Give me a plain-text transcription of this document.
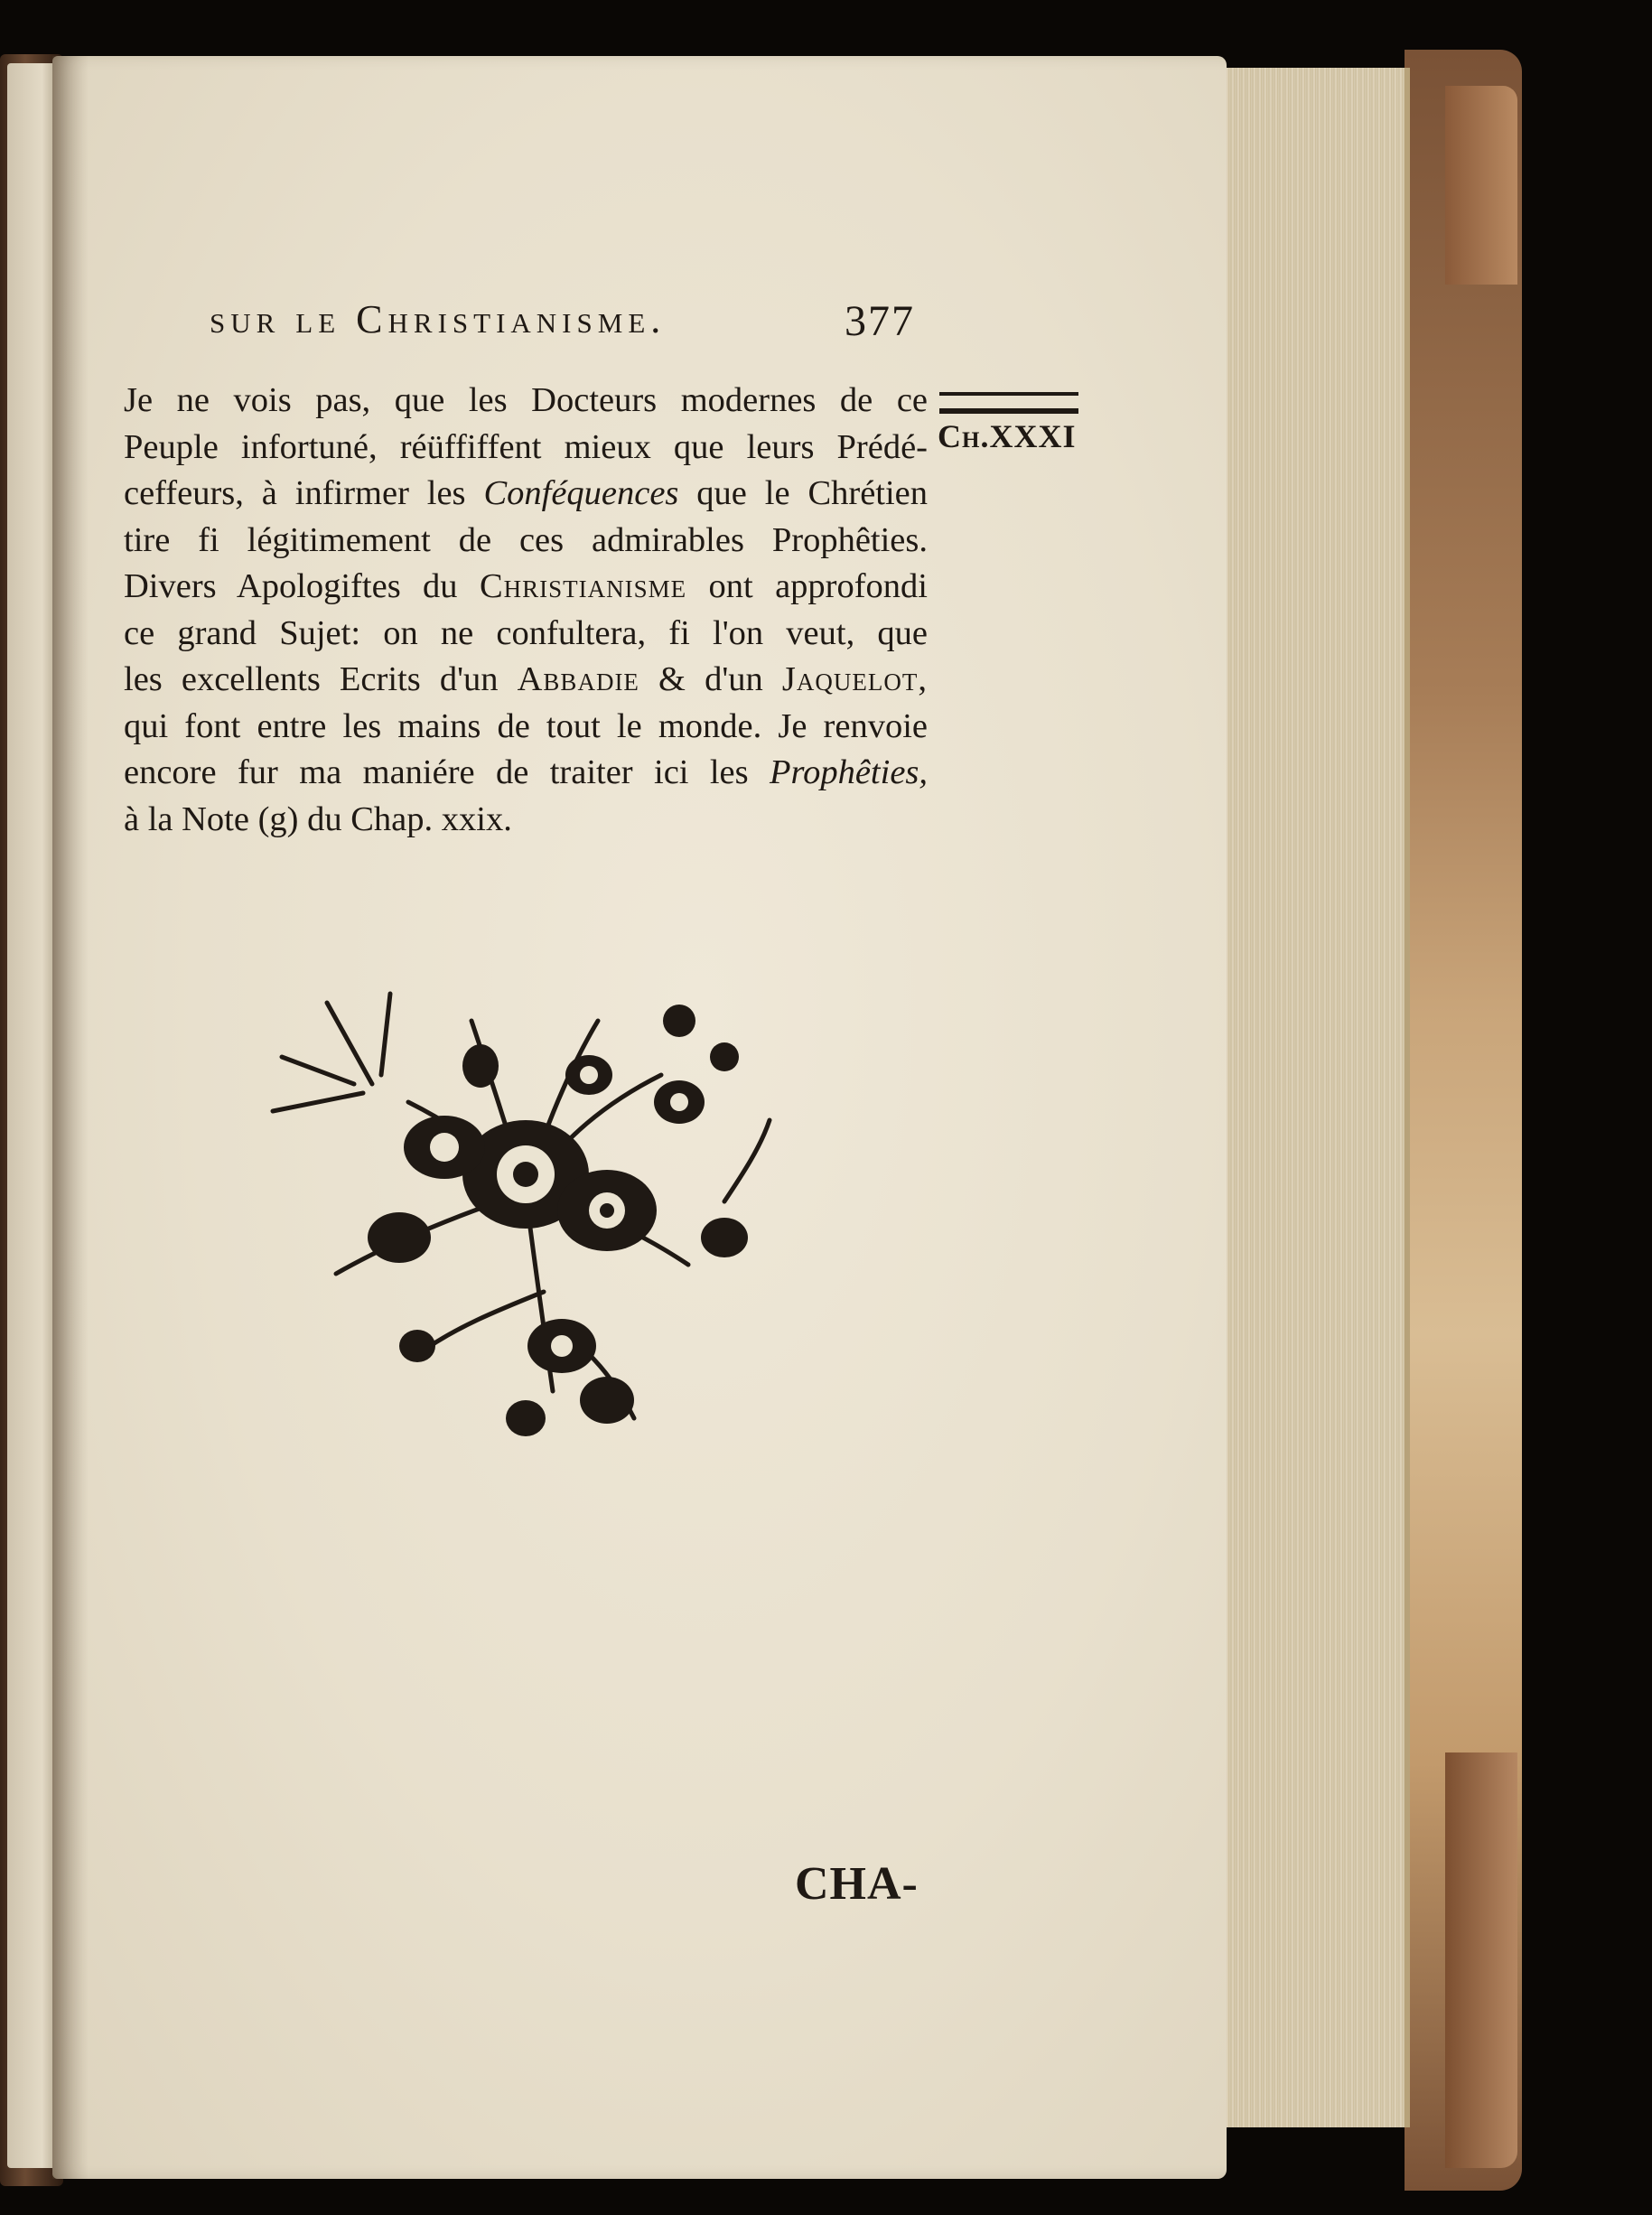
sur le Christianisme.	377
Je ne vois pas, que les Docteurs modernes de ce
Peuple infortuné, réüffiffent mieux que leurs Prédé-
ceffeurs, à infirmer les Conféquences que le Chrétien
tire fi légitimement de ces admirables Prophêties.
Divers Apologiftes du Christianisme ont approfondi
ce grand Sujet: on ne confultera, fi l'on veut, que
les excellents Ecrits d'un Abbadie & d'un Jaquelot,
qui font entre les mains de tout le monde. Je renvoie
encore fur ma maniére de traiter ici les Prophêties,
à la Note (g) du Chap. xxix.
Ch.XXXI
CHA-
